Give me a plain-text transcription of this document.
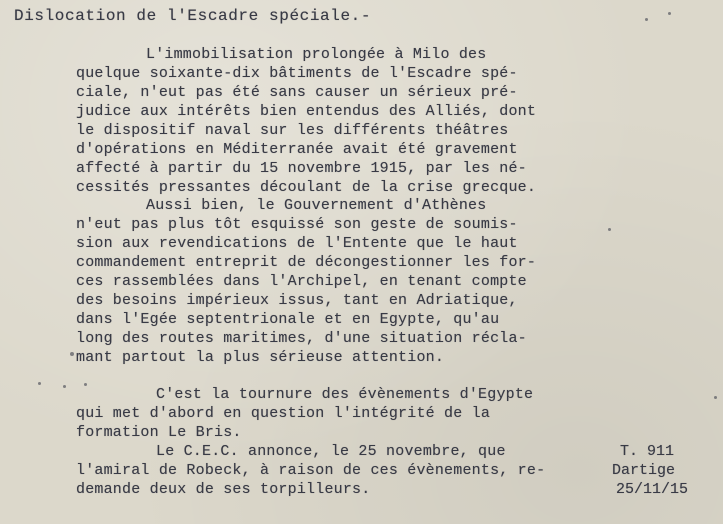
Dislocation de l'Escadre spéciale.-
L'immobilisation prolongée à Milo des
quelque soixante-dix bâtiments de l'Escadre spé-
ciale, n'eut pas été sans causer un sérieux pré-
judice aux intérêts bien entendus des Alliés, dont
le dispositif naval sur les différents théâtres
d'opérations en Méditerranée avait été gravement
affecté à partir du 15 novembre 1915, par les né-
cessités pressantes découlant de la crise grecque.
Aussi bien, le Gouvernement d'Athènes
n'eut pas plus tôt esquissé son geste de soumis-
sion aux revendications de l'Entente que le haut
commandement entreprit de décongestionner les for-
ces rassemblées dans l'Archipel, en tenant compte
des besoins impérieux issus, tant en Adriatique,
dans l'Egée septentrionale et en Egypte, qu'au
long des routes maritimes, d'une situation récla-
mant partout la plus sérieuse attention.
C'est la tournure des évènements d'Egypte
qui met d'abord en question l'intégrité de la
formation Le Bris.
Le C.E.C. annonce, le 25 novembre, que
l'amiral de Robeck, à raison de ces évènements, re-
demande deux de ses torpilleurs.
T. 911
Dartige
25/11/15
